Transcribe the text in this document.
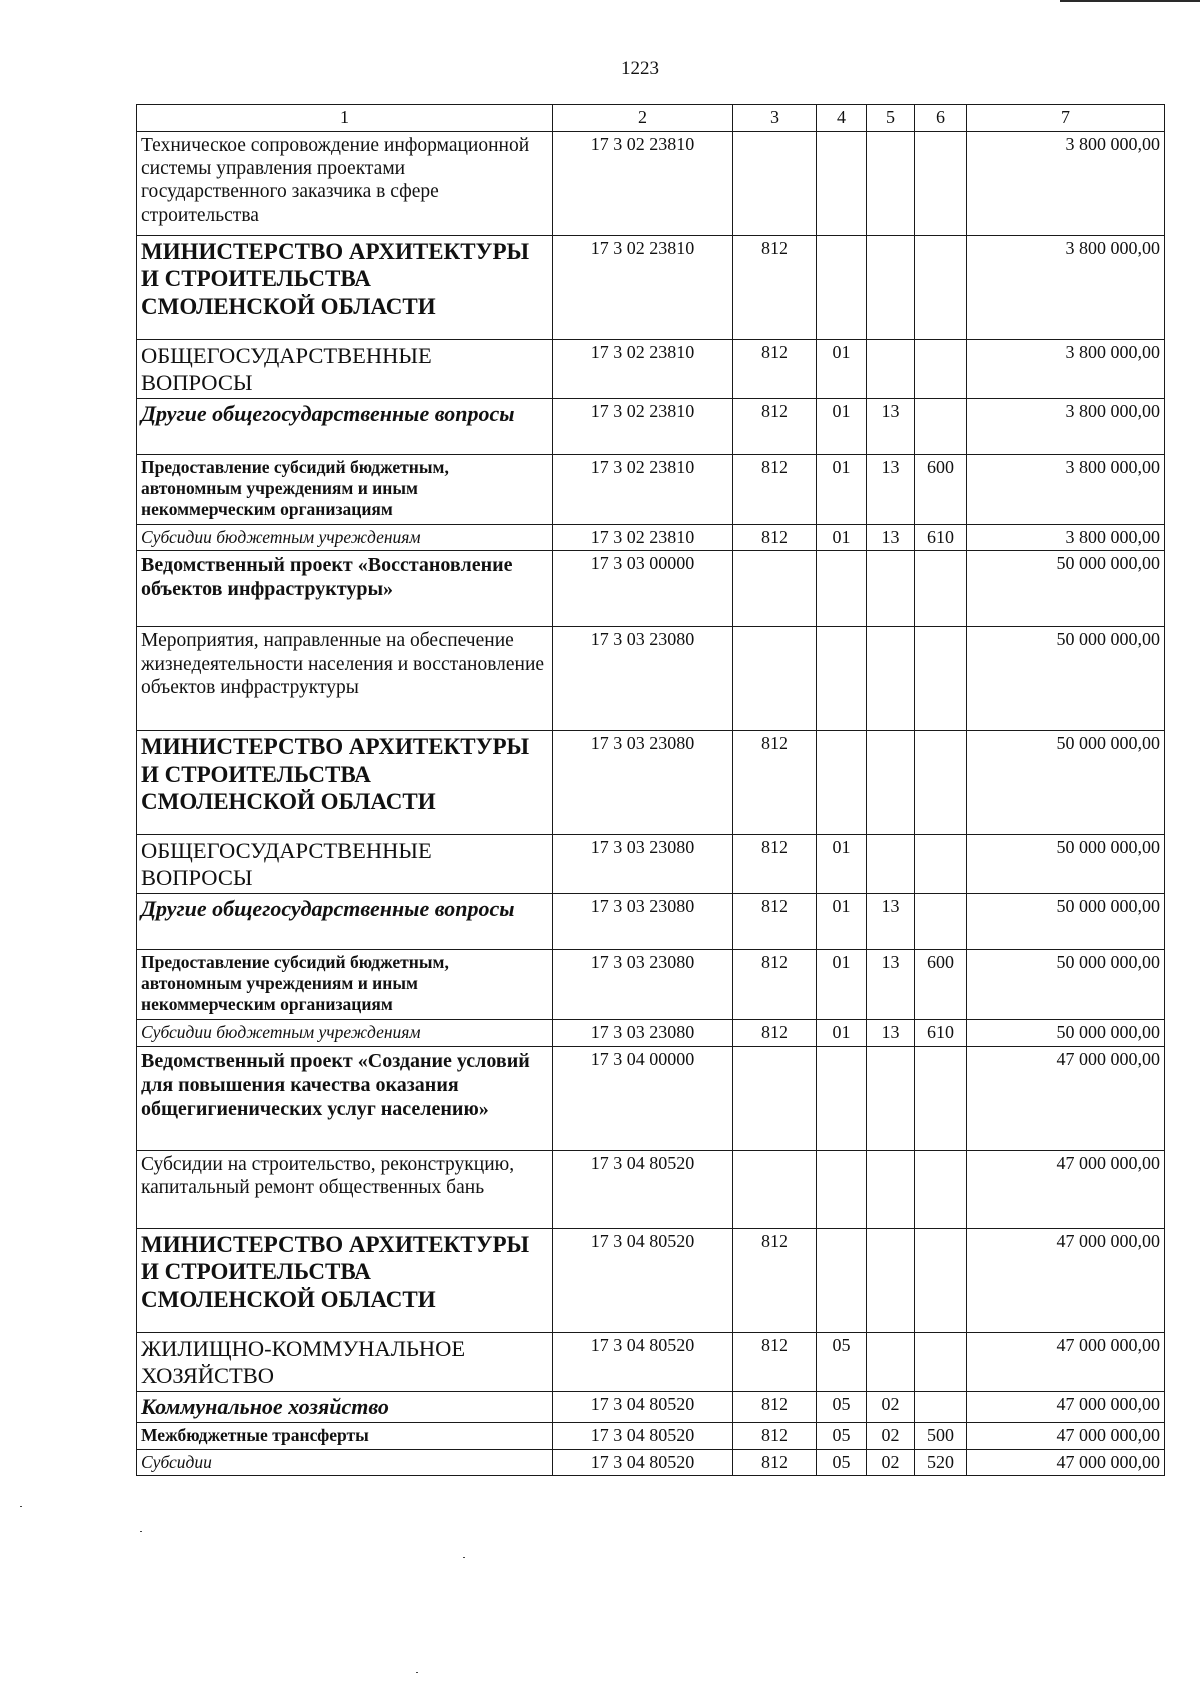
1223
1	2	3	4	5	6	7
Техническое сопровождение информационной системы управления проектами государственного заказчика в сфере строительства	17 3 02 23810					3 800 000,00
МИНИСТЕРСТВО АРХИТЕКТУРЫ И СТРОИТЕЛЬСТВА СМОЛЕНСКОЙ ОБЛАСТИ	17 3 02 23810	812				3 800 000,00
ОБЩЕГОСУДАРСТВЕННЫЕ ВОПРОСЫ	17 3 02 23810	812	01			3 800 000,00
Другие общегосударственные вопросы	17 3 02 23810	812	01	13		3 800 000,00
Предоставление субсидий бюджетным, автономным учреждениям и иным некоммерческим организациям	17 3 02 23810	812	01	13	600	3 800 000,00
Субсидии бюджетным учреждениям	17 3 02 23810	812	01	13	610	3 800 000,00
Ведомственный проект «Восстановление объектов инфраструктуры»	17 3 03 00000					50 000 000,00
Мероприятия, направленные на обеспечение жизнедеятельности населения и восстановление объектов инфраструктуры	17 3 03 23080					50 000 000,00
МИНИСТЕРСТВО АРХИТЕКТУРЫ И СТРОИТЕЛЬСТВА СМОЛЕНСКОЙ ОБЛАСТИ	17 3 03 23080	812				50 000 000,00
ОБЩЕГОСУДАРСТВЕННЫЕ ВОПРОСЫ	17 3 03 23080	812	01			50 000 000,00
Другие общегосударственные вопросы	17 3 03 23080	812	01	13		50 000 000,00
Предоставление субсидий бюджетным, автономным учреждениям и иным некоммерческим организациям	17 3 03 23080	812	01	13	600	50 000 000,00
Субсидии бюджетным учреждениям	17 3 03 23080	812	01	13	610	50 000 000,00
Ведомственный проект «Создание условий для повышения качества оказания общегигиенических услуг населению»	17 3 04 00000					47 000 000,00
Субсидии на строительство, реконструкцию, капитальный ремонт общественных бань	17 3 04 80520					47 000 000,00
МИНИСТЕРСТВО АРХИТЕКТУРЫ И СТРОИТЕЛЬСТВА СМОЛЕНСКОЙ ОБЛАСТИ	17 3 04 80520	812				47 000 000,00
ЖИЛИЩНО-КОММУНАЛЬНОЕ ХОЗЯЙСТВО	17 3 04 80520	812	05			47 000 000,00
Коммунальное хозяйство	17 3 04 80520	812	05	02		47 000 000,00
Межбюджетные трансферты	17 3 04 80520	812	05	02	500	47 000 000,00
Субсидии	17 3 04 80520	812	05	02	520	47 000 000,00
